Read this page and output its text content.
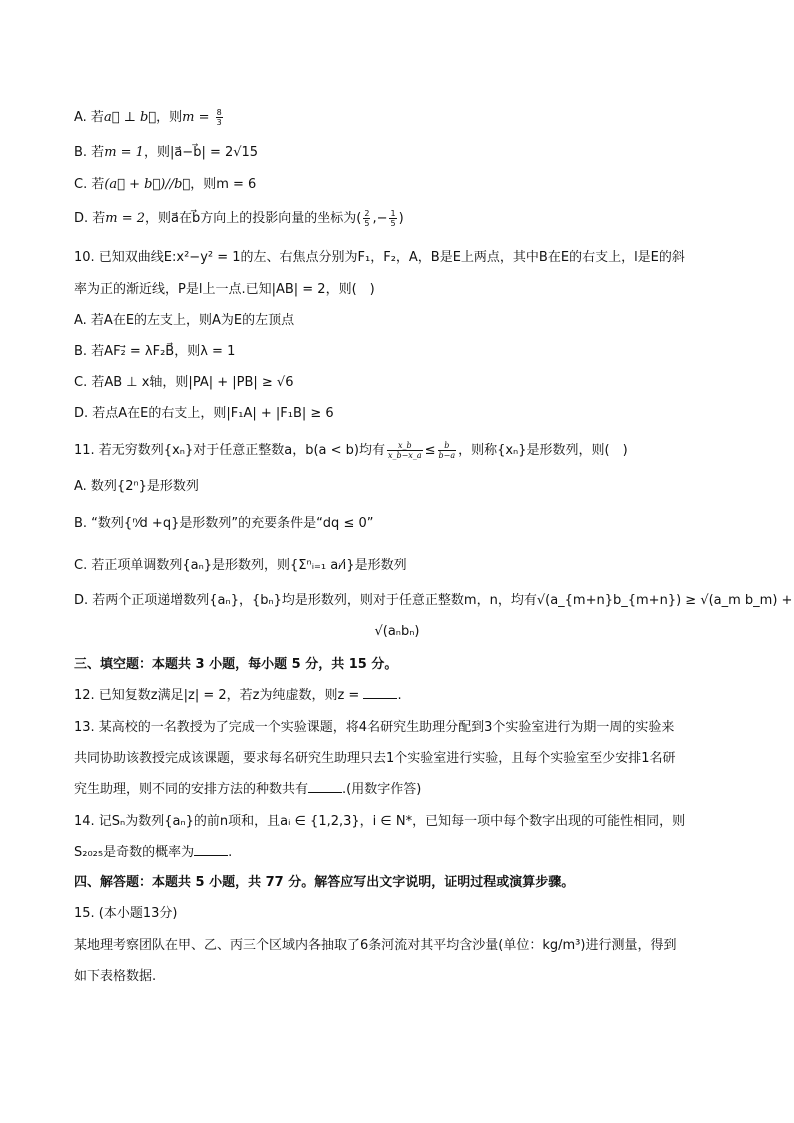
A. 若a⃗ ⊥ b⃗，则$m = \frac{8}{3}$
B. 若m = 1，则|a⃗−b⃗| = 2√15
C. 若(a⃗ + b⃗)//b⃗，则m = 6
D. 若m = 2，则a⃗在b⃗方向上的投影向量的坐标为( $\frac{2}{5}$ ,− $\frac{1}{5}$ )
10. 已知双曲线E:x²−y² = 1的左、右焦点分别为F₁，F₂，A，B是E上两点，其中B在E的右支上，l是E的斜
率为正的渐近线，P是l上一点.已知|AB| = 2，则(　)
A. 若A在E的左支上，则A为E的左顶点
B. 若AF₂⃗ = λF₂B⃗，则λ = 1
C. 若AB ⊥ x轴，则|PA| + |PB| ≥ √6
D. 若点A在E的右支上，则|F₁A| + |F₁B| ≥ 6
11. 若无穷数列{xₙ}对于任意正整数a，b(a < b)均有 $\frac{x\_b}{x\_b-x\_a} \le \frac{b}{b-a}$ ，则称{xₙ}是形数列，则(　)
A. 数列{2ⁿ}是形数列
B. “数列{ⁿ⁄d +q}是形数列”的充要条件是“dq ≤ 0”
C. 若正项单调数列{aₙ}是形数列，则{Σⁿᵢ₌₁ aᵢ⁄i}是形数列
D. 若两个正项递增数列{aₙ}，{bₙ}均是形数列，则对于任意正整数m，n，均有√(a_{m+n}b_{m+n}) ≥ √(a_m b_m) +
√(aₙbₙ)
三、填空题：本题共 3 小题，每小题 5 分，共 15 分。
12. 已知复数z满足|z| = 2，若z为纯虚数，则z =	.
13. 某高校的一名教授为了完成一个实验课题，将4名研究生助理分配到3个实验室进行为期一周的实验来
共同协助该教授完成该课题，要求每名研究生助理只去1个实验室进行实验，且每个实验室至少安排1名研
究生助理，则不同的安排方法的种数共有	.(用数字作答)
14. 记Sₙ为数列{aₙ}的前n项和，且aᵢ ∈ {1,2,3}，i ∈ N*，已知每一项中每个数字出现的可能性相同，则
S₂₀₂₅是奇数的概率为	.
四、解答题：本题共 5 小题，共 77 分。解答应写出文字说明，证明过程或演算步骤。
15. (本小题13分)
某地理考察团队在甲、乙、丙三个区域内各抽取了6条河流对其平均含沙量(单位：kg/m³)进行测量，得到
如下表格数据.
